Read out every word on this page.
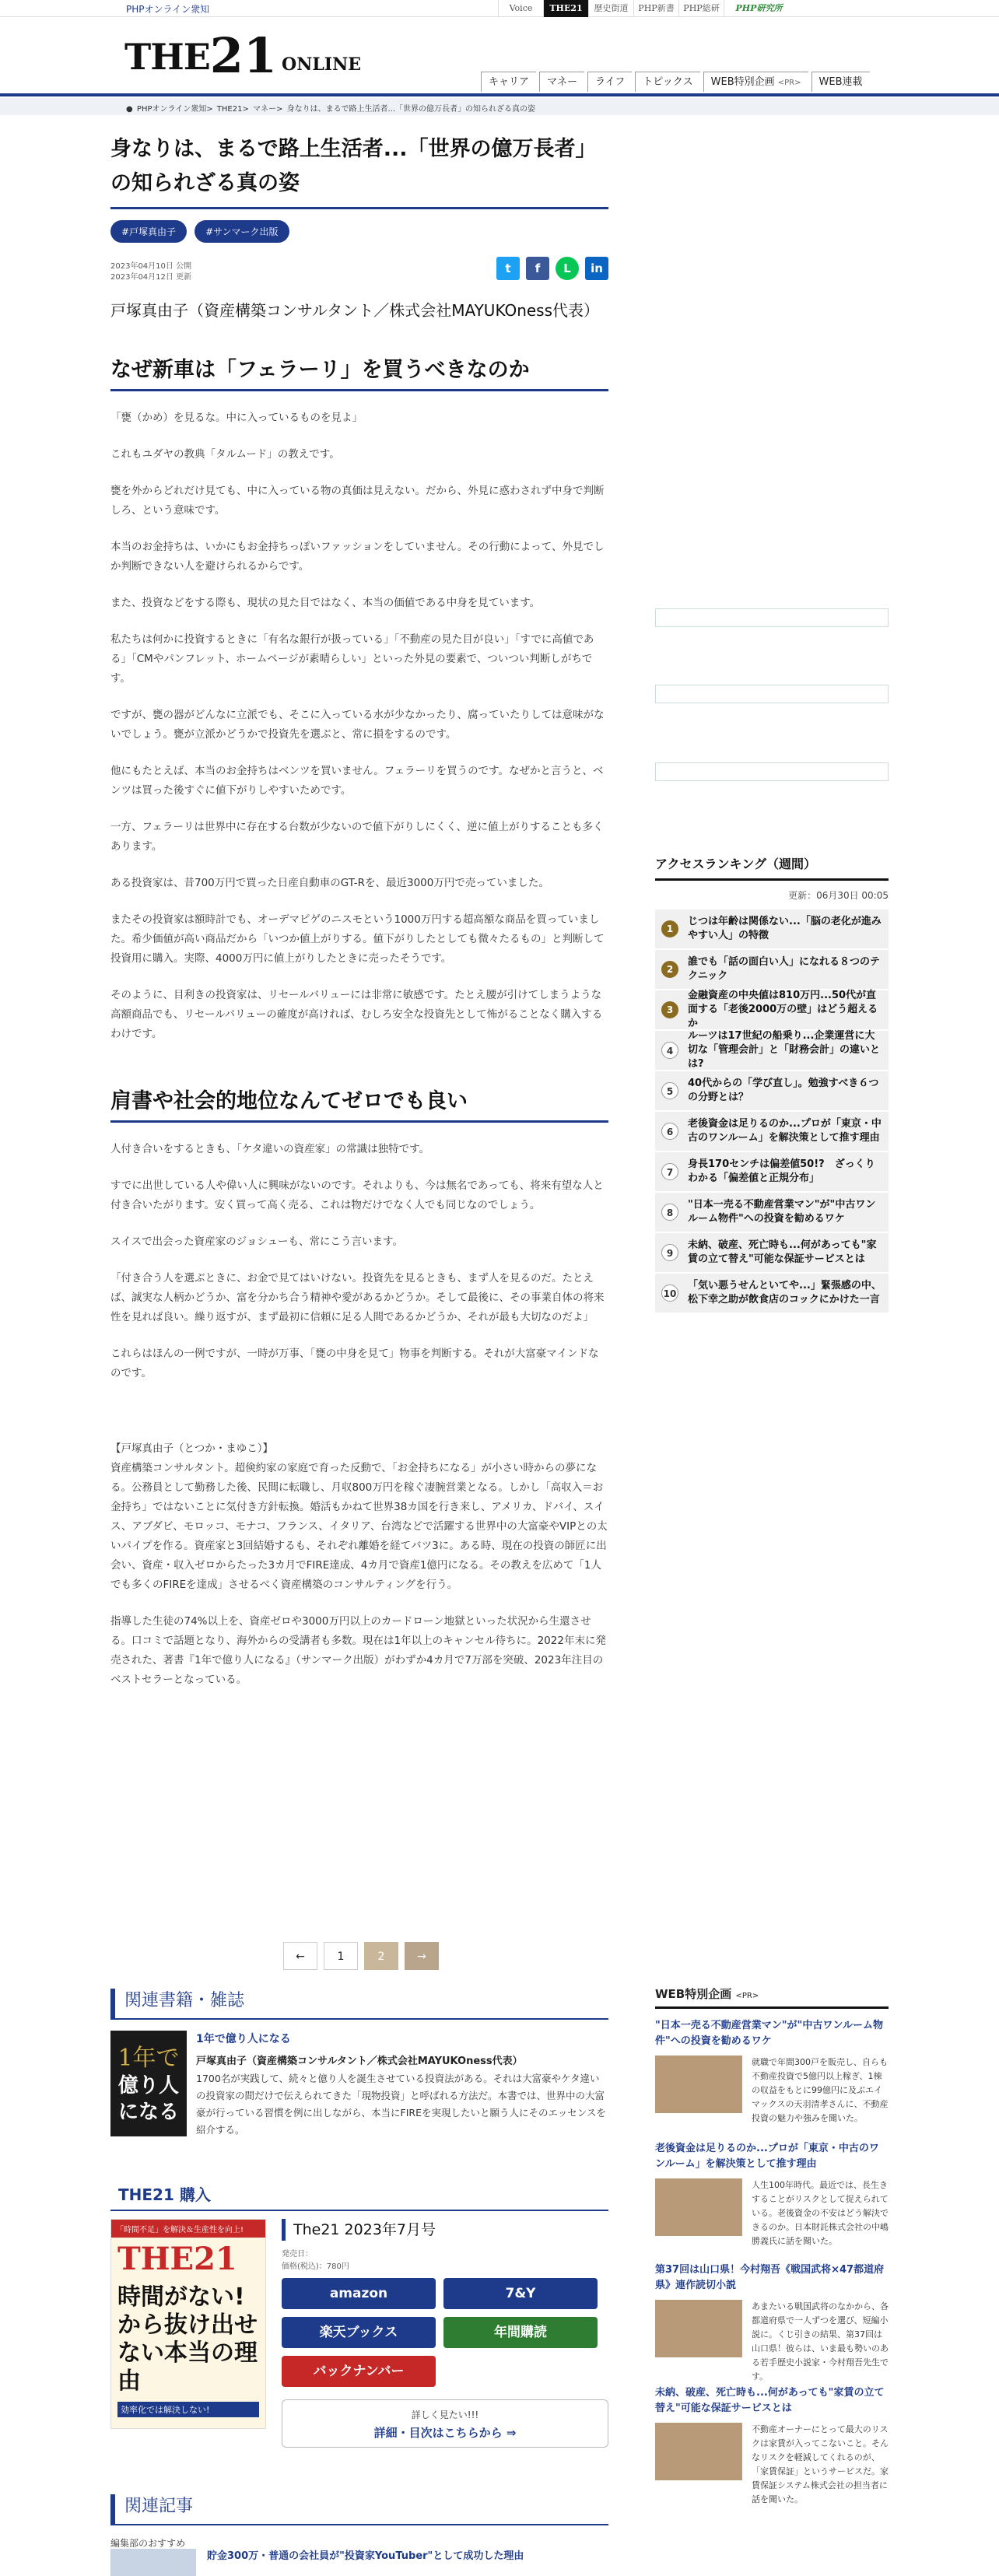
PHPオンライン衆知	Voice	THE21	歴史街道	PHP新書	PHP総研	PHP研究所
THE 21 ONLINE
キャリア	マネー	ライフ	トピックス	WEB特別企画 <PR>	WEB連載
● PHPオンライン衆知> THE21> マネー> 身なりは、まるで路上生活者...「世界の億万長者」の知られざる真の姿
身なりは、まるで路上生活者...「世界の億万長者」の知られざる真の姿
#戸塚真由子	#サンマーク出版
2023年04月10日 公開
2023年04月12日 更新
t	f	L	in
戸塚真由子（資産構築コンサルタント／株式会社MAYUKOness代表）
なぜ新車は「フェラーリ」を買うべきなのか

「甕（かめ）を見るな。中に入っているものを見よ」

これもユダヤの教典「タルムード」の教えです。

甕を外からどれだけ見ても、中に入っている物の真価は見えない。だから、外見に惑わされず中身で判断しろ、という意味です。

本当のお金持ちは、いかにもお金持ちっぽいファッションをしていません。その行動によって、外見でしか判断できない人を避けられるからです。

また、投資などをする際も、現状の見た目ではなく、本当の価値である中身を見ています。

私たちは何かに投資するときに「有名な銀行が扱っている」「不動産の見た目が良い」「すでに高値である」「CMやパンフレット、ホームページが素晴らしい」といった外見の要素で、ついつい判断しがちです。

ですが、甕の器がどんなに立派でも、そこに入っている水が少なかったり、腐っていたりしては意味がないでしょう。甕が立派かどうかで投資先を選ぶと、常に損をするのです。

他にもたとえば、本当のお金持ちはベンツを買いません。フェラーリを買うのです。なぜかと言うと、ベンツは買った後すぐに値下がりしやすいためです。

一方、フェラーリは世界中に存在する台数が少ないので値下がりしにくく、逆に値上がりすることも多くあります。

ある投資家は、昔700万円で買った日産自動車のGT-Rを、最近3000万円で売っていました。

またその投資家は額時計でも、オーデマピゲのニスモという1000万円する超高額な商品を買っていました。希少価値が高い商品だから「いつか値上がりする。値下がりしたとしても微々たるもの」と判断して投資用に購入。実際、4000万円に値上がりしたときに売ったそうです。

そのように、目利きの投資家は、リセールバリューには非常に敏感です。たとえ腰が引けてしまうような高額商品でも、リセールバリューの確度が高ければ、むしろ安全な投資先として怖がることなく購入するわけです。

肩書や社会的地位なんてゼロでも良い

人付き合いをするときも、「ケタ違いの資産家」の常識は独特です。

すでに出世している人や偉い人に興味がないのです。それよりも、今は無名であっても、将来有望な人と付き合いたがります。安く買って高く売る、これは物だけでなく人でも同じなのでしょう。

スイスで出会った資産家のジョシューも、常にこう言います。

「付き合う人を選ぶときに、お金で見てはいけない。投資先を見るときも、まず人を見るのだ。たとえば、誠実な人柄かどうか、富を分かち合う精神や愛があるかどうか。そして最後に、その事業自体の将来性を見れば良い。繰り返すが、まず最初に信頼に足る人間であるかどうか、それが最も大切なのだよ」

これらはほんの一例ですが、一時が万事、「甕の中身を見て」物事を判断する。それが大富豪マインドなのです。

【戸塚真由子（とつか・まゆこ）】
資産構築コンサルタント。超倹約家の家庭で育った反動で、「お金持ちになる」が小さい時からの夢になる。公務員として勤務した後、民間に転職し、月収800万円を稼ぐ凄腕営業となる。しかし「高収入＝お金持ち」ではないことに気付き方針転換。婚活もかねて世界38カ国を行き来し、アメリカ、ドバイ、スイス、アブダビ、モロッコ、モナコ、フランス、イタリア、台湾などで活躍する世界中の大富豪やVIPとの太いパイプを作る。資産家と3回結婚するも、それぞれ離婚を経てバツ3に。ある時、現在の投資の師匠に出会い、資産・収入ゼロからたった3カ月でFIRE達成、4カ月で資産1億円になる。その教えを広めて「1人でも多くのFIREを達成」させるべく資産構築のコンサルティングを行う。
指導した生徒の74%以上を、資産ゼロや3000万円以上のカードローン地獄といった状況から生還させる。口コミで話題となり、海外からの受講者も多数。現在は1年以上のキャンセル待ちに。2022年末に発売された、著書『1年で億り人になる』（サンマーク出版）がわずか4カ月で7万部を突破、2023年注目のベストセラーとなっている。
←	1	2	→
アクセスランキング（週間）
更新：06月30日 00:05
1
じつは年齢は関係ない...「脳の老化が進みやすい人」の特徴
2
誰でも「話の面白い人」になれる８つのテクニック
3
金融資産の中央値は810万円...50代が直面する「老後2000万の壁」はどう超えるか
4
ルーツは17世紀の船乗り...企業運営に大切な「管理会計」と「財務会計」の違いとは?
5
40代からの「学び直し」。勉強すべき６つの分野とは？
6
老後資金は足りるのか...プロが「東京・中古のワンルーム」を解決策として推す理由
7
身長170センチは偏差値50!?　ざっくりわかる「偏差値と正規分布」
8
"日本一売る不動産営業マン"が"中古ワンルーム物件"への投資を勧めるワケ
9
未納、破産、死亡時も...何があっても"家賃の立て替え"可能な保証サービスとは
10
「気い悪うせんといてや...」緊張感の中、松下幸之助が飲食店のコックにかけた一言
関連書籍・雑誌
1年で
億り人
になる
1年で億り人になる
戸塚真由子（資産構築コンサルタント／株式会社MAYUKOness代表）
1700名が実践して、続々と億り人を誕生させている投資法がある。それは大富豪やケタ違いの投資家の間だけで伝えられてきた「現物投資」と呼ばれる方法だ。本書では、世界中の大富豪が行っている習慣を例に出しながら、本当にFIREを実現したいと願う人にそのエッセンスを紹介する。
THE21 購入
「時間不足」を解決＆生産性を向上!
THE21
時間がない!から抜け出せない本当の理由
効率化では解決しない!
The21 2023年7月号
発売日：
価格(税込)：780円
amazon	7&Y
楽天ブックス	年間購読
バックナンバー
詳しく見たい!!!
詳細・目次はこちらから ⇒
関連記事
編集部のおすすめ
貯金300万・普通の会社員が"投資家YouTuber"として成功した理由
WEB特別企画 <PR>
"日本一売る不動産営業マン"が"中古ワンルーム物件"への投資を勧めるワケ
就職で年間300戸を販売し、自らも不動産投資で5億円以上稼ぎ、1棟の収益をもとに99億円に及ぶエイマックスの天羽清孝さんに、不動産投資の魅力や強みを聞いた。
老後資金は足りるのか...プロが「東京・中古のワンルーム」を解決策として推す理由
人生100年時代。最近では、長生きすることがリスクとして捉えられている。老後資金の不安はどう解決できるのか。日本財託株式会社の中嶋勝義氏に話を聞いた。
第37回は山口県！今村翔吾《戦国武将×47都道府県》連作読切小説
あまたいる戦国武将のなかから、各都道府県で一人ずつを選び、短編小説に。くじ引きの結果、第37回は山口県！彼らは、いま最も勢いのある若手歴史小説家・今村翔吾先生です。
未納、破産、死亡時も...何があっても"家賃の立て替え"可能な保証サービスとは
不動産オーナーにとって最大のリスクは家賃が入ってこないこと。そんなリスクを軽減してくれるのが、「家賃保証」というサービスだ。家賃保証システム株式会社の担当者に話を聞いた。
